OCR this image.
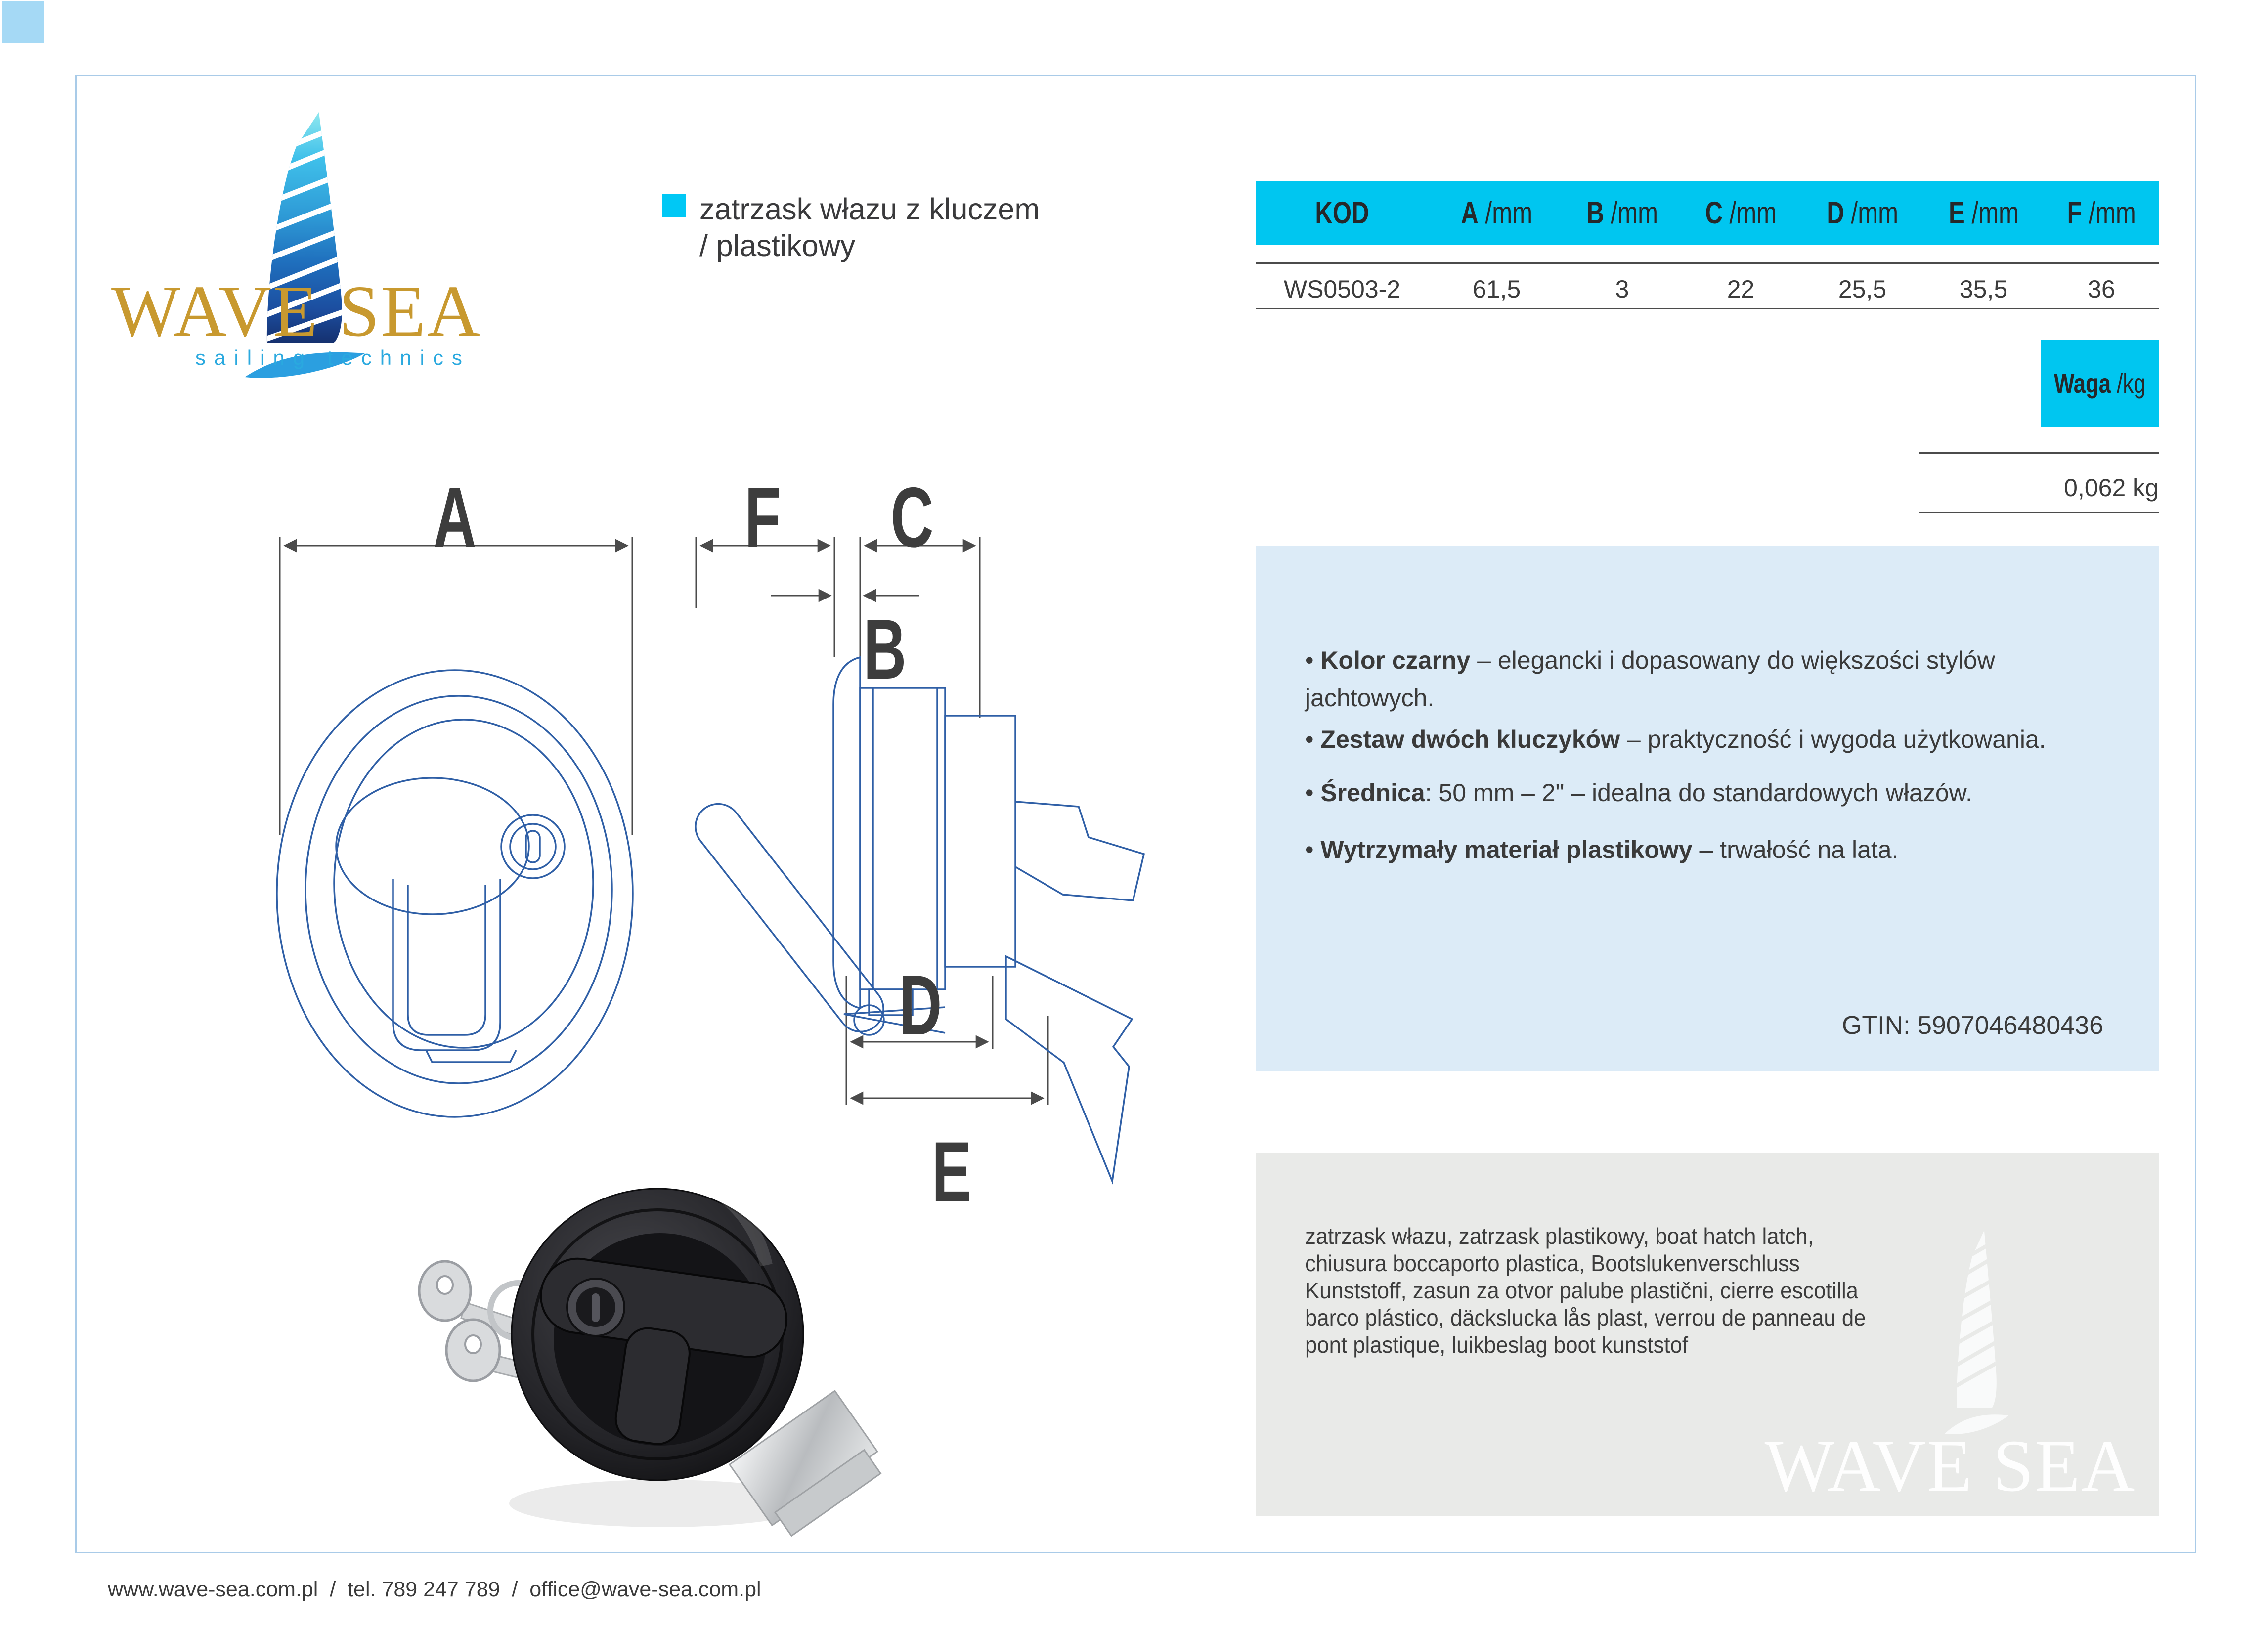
WAVE SEA
sailing technics
zatrzask włazu z kluczem
/ plastikowy
KOD	A /mm B /mm C /mm D /mm E /mm F /mm
WS0503-2	61,5	3	22	25,5	35,5	36
Waga /kg
0,062 kg
A	F C
B
D
E
• Kolor czarny – elegancki i dopasowany do większości stylów jachtowych.
• Zestaw dwóch kluczyków – praktyczność i wygoda użytkowania.
• Średnica: 50 mm – 2" – idealna do standardowych włazów.
• Wytrzymały materiał plastikowy – trwałość na lata.
GTIN: 5907046480436
WAVE SEA
zatrzask włazu, zatrzask plastikowy, boat hatch latch, chiusura boccaporto plastica, Bootslukenverschluss Kunststoff, zasun za otvor palube plastični, cierre escotilla barco plástico, däckslucka lås plast, verrou de panneau de pont plastique, luikbeslag boot kunststof
www.wave-sea.com.pl  /  tel. 789 247 789  /  office@wave-sea.com.pl
